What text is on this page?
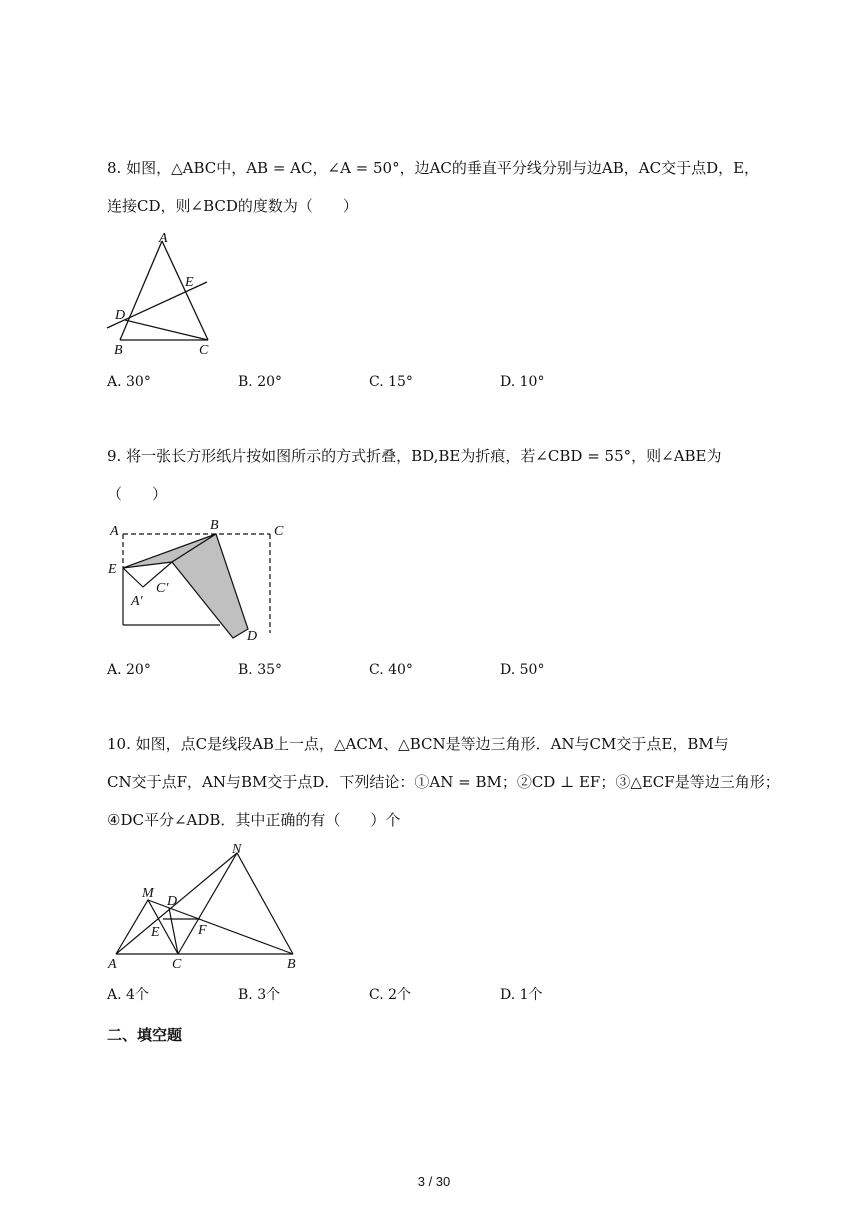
8. 如图，△ABC中，AB = AC，∠A = 50°，边AC的垂直平分线分别与边AB，AC交于点D，E，
连接CD，则∠BCD的度数为（　　）
A
E
D
B	C
A. 30°	B. 20°	C. 15°	D. 10°
9. 将一张长方形纸片按如图所示的方式折叠，BD,BE为折痕，若∠CBD = 55°，则∠ABE为
（　　）
A	B	C
E
C′
A′
D
A. 20°	B. 35°	C. 40°	D. 50°
10. 如图，点C是线段AB上一点，△ACM、△BCN是等边三角形．AN与CM交于点E，BM与
CN交于点F，AN与BM交于点D．下列结论：①AN = BM；②CD ⊥ EF；③△ECF是等边三角形；
④DC平分∠ADB．其中正确的有（　　）个
N
M
D
E	F
A	C	B
A. 4个	B. 3个	C. 2个	D. 1个
二、填空题
3 / 30
